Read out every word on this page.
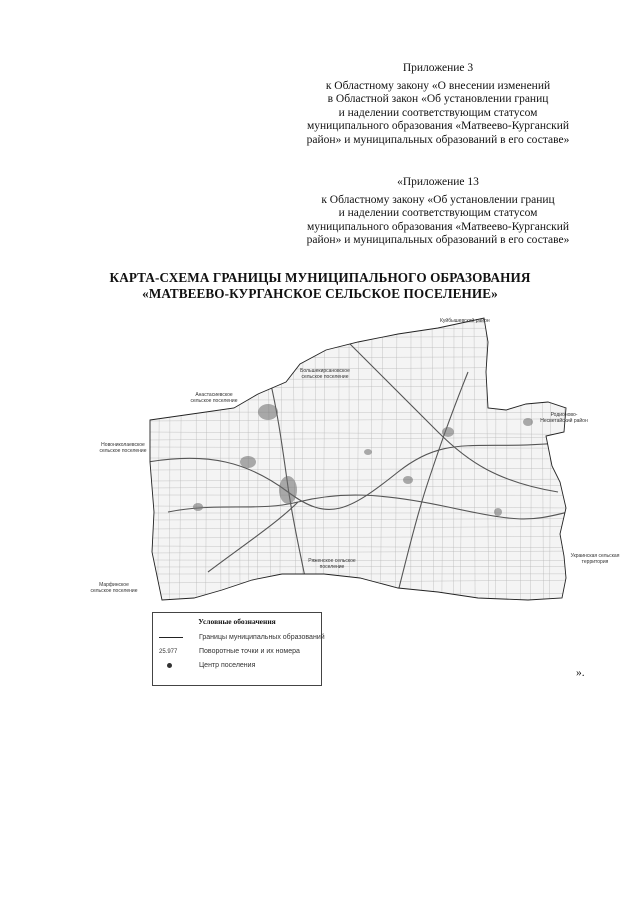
Приложение 3
к Областному закону «О внесении изменений
в Областной закон «Об установлении границ
и наделении соответствующим статусом
муниципального образования «Матвеево-Курганский
район» и муниципальных образований в его составе»
«Приложение 13
к Областному закону «Об установлении границ
и наделении соответствующим статусом
муниципального образования «Матвеево-Курганский
район» и муниципальных образований в его составе»
КАРТА-СХЕМА ГРАНИЦЫ МУНИЦИПАЛЬНОГО ОБРАЗОВАНИЯ
«МАТВЕЕВО-КУРГАНСКОЕ СЕЛЬСКОЕ ПОСЕЛЕНИЕ»
Куйбышевский район
Большекирсановское сельское поселение
Анастасиевское сельское поселение
Новониколаевское сельское поселение
Родионово-Несветайский район
Ряженское сельское поселение
Марфинское сельское поселение
Украинская сельская территория
Условные обозначения
Границы муниципальных образований
25.977	Поворотные точки и их номера
Центр поселения
».
